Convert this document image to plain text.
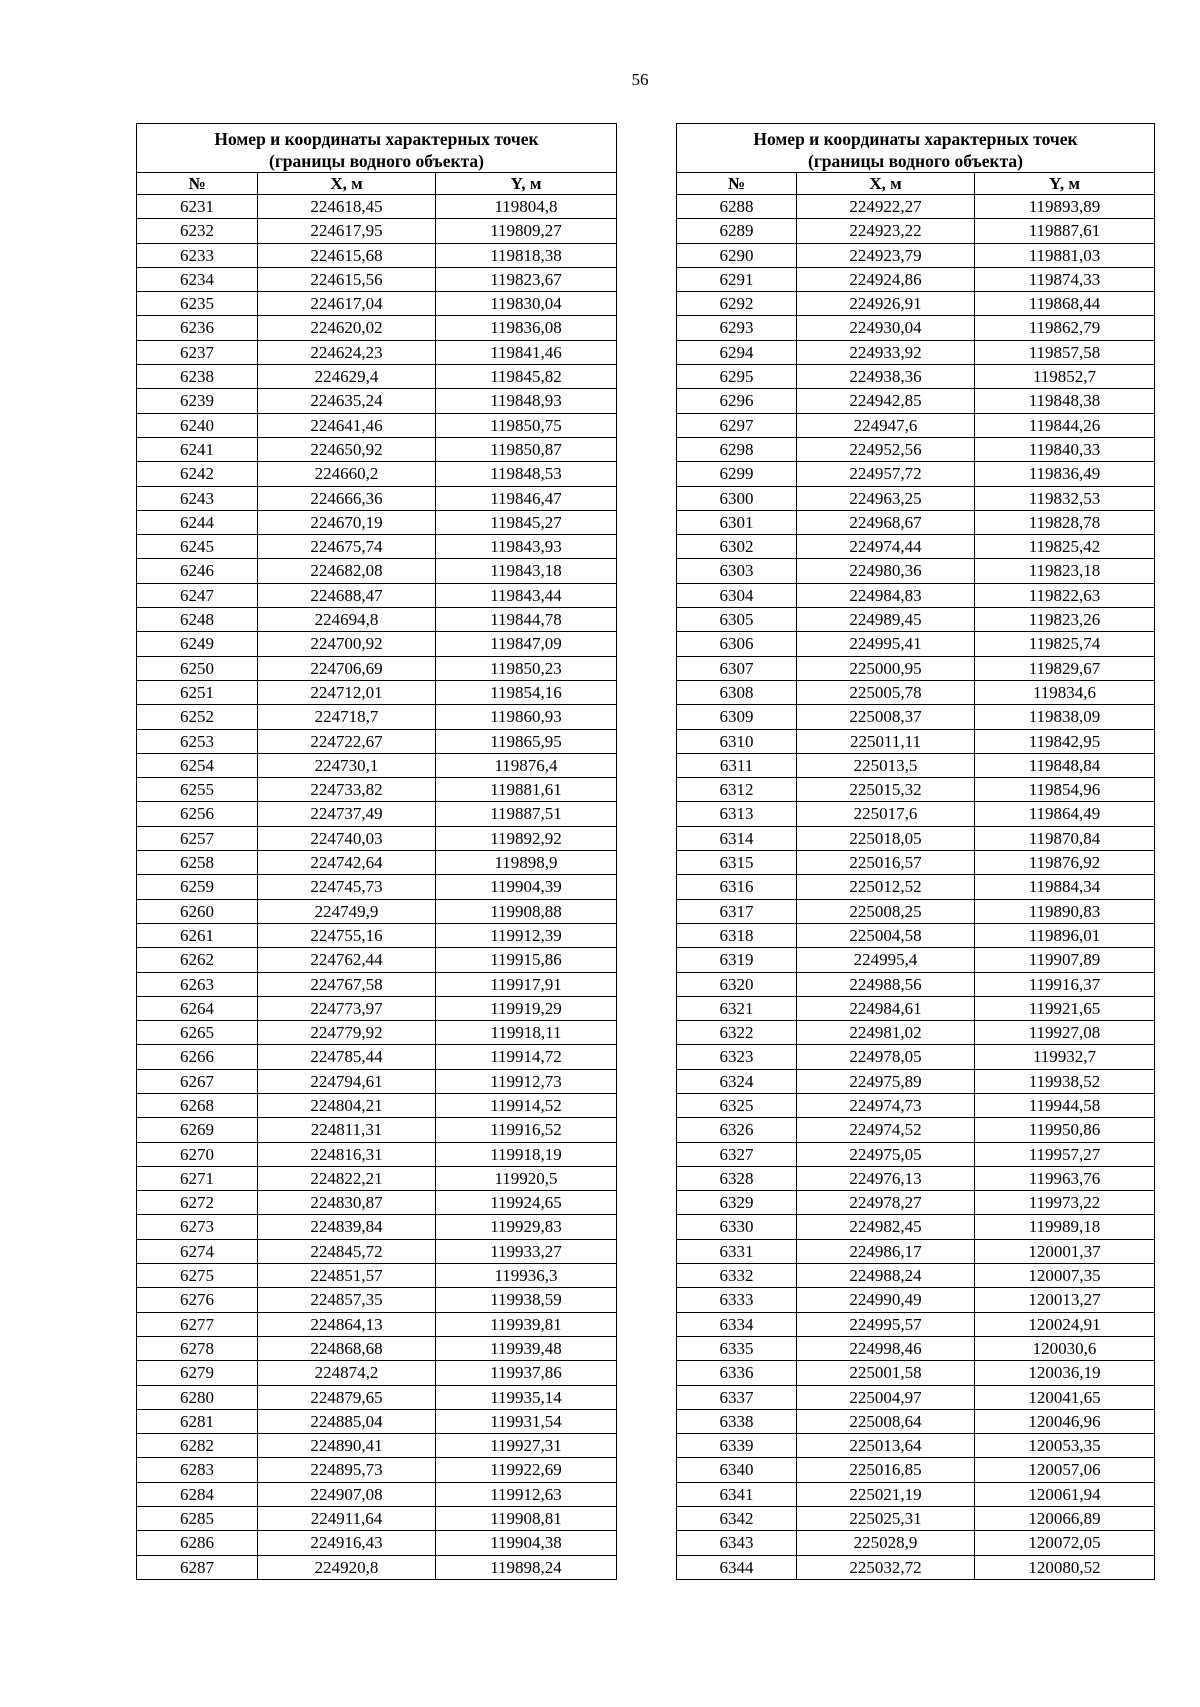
56
Номер и координаты характерных точек
(границы водного объекта)		

№	X, м	Y, м
6231	224618,45	119804,8
6232	224617,95	119809,27
6233	224615,68	119818,38
6234	224615,56	119823,67
6235	224617,04	119830,04
6236	224620,02	119836,08
6237	224624,23	119841,46
6238	224629,4	119845,82
6239	224635,24	119848,93
6240	224641,46	119850,75
6241	224650,92	119850,87
6242	224660,2	119848,53
6243	224666,36	119846,47
6244	224670,19	119845,27
6245	224675,74	119843,93
6246	224682,08	119843,18
6247	224688,47	119843,44
6248	224694,8	119844,78
6249	224700,92	119847,09
6250	224706,69	119850,23
6251	224712,01	119854,16
6252	224718,7	119860,93
6253	224722,67	119865,95
6254	224730,1	119876,4
6255	224733,82	119881,61
6256	224737,49	119887,51
6257	224740,03	119892,92
6258	224742,64	119898,9
6259	224745,73	119904,39
6260	224749,9	119908,88
6261	224755,16	119912,39
6262	224762,44	119915,86
6263	224767,58	119917,91
6264	224773,97	119919,29
6265	224779,92	119918,11
6266	224785,44	119914,72
6267	224794,61	119912,73
6268	224804,21	119914,52
6269	224811,31	119916,52
6270	224816,31	119918,19
6271	224822,21	119920,5
6272	224830,87	119924,65
6273	224839,84	119929,83
6274	224845,72	119933,27
6275	224851,57	119936,3
6276	224857,35	119938,59
6277	224864,13	119939,81
6278	224868,68	119939,48
6279	224874,2	119937,86
6280	224879,65	119935,14
6281	224885,04	119931,54
6282	224890,41	119927,31
6283	224895,73	119922,69
6284	224907,08	119912,63
6285	224911,64	119908,81
6286	224916,43	119904,38
6287	224920,8	119898,24
Номер и координаты характерных точек
(границы водного объекта)		

№	X, м	Y, м
6288	224922,27	119893,89
6289	224923,22	119887,61
6290	224923,79	119881,03
6291	224924,86	119874,33
6292	224926,91	119868,44
6293	224930,04	119862,79
6294	224933,92	119857,58
6295	224938,36	119852,7
6296	224942,85	119848,38
6297	224947,6	119844,26
6298	224952,56	119840,33
6299	224957,72	119836,49
6300	224963,25	119832,53
6301	224968,67	119828,78
6302	224974,44	119825,42
6303	224980,36	119823,18
6304	224984,83	119822,63
6305	224989,45	119823,26
6306	224995,41	119825,74
6307	225000,95	119829,67
6308	225005,78	119834,6
6309	225008,37	119838,09
6310	225011,11	119842,95
6311	225013,5	119848,84
6312	225015,32	119854,96
6313	225017,6	119864,49
6314	225018,05	119870,84
6315	225016,57	119876,92
6316	225012,52	119884,34
6317	225008,25	119890,83
6318	225004,58	119896,01
6319	224995,4	119907,89
6320	224988,56	119916,37
6321	224984,61	119921,65
6322	224981,02	119927,08
6323	224978,05	119932,7
6324	224975,89	119938,52
6325	224974,73	119944,58
6326	224974,52	119950,86
6327	224975,05	119957,27
6328	224976,13	119963,76
6329	224978,27	119973,22
6330	224982,45	119989,18
6331	224986,17	120001,37
6332	224988,24	120007,35
6333	224990,49	120013,27
6334	224995,57	120024,91
6335	224998,46	120030,6
6336	225001,58	120036,19
6337	225004,97	120041,65
6338	225008,64	120046,96
6339	225013,64	120053,35
6340	225016,85	120057,06
6341	225021,19	120061,94
6342	225025,31	120066,89
6343	225028,9	120072,05
6344	225032,72	120080,52
